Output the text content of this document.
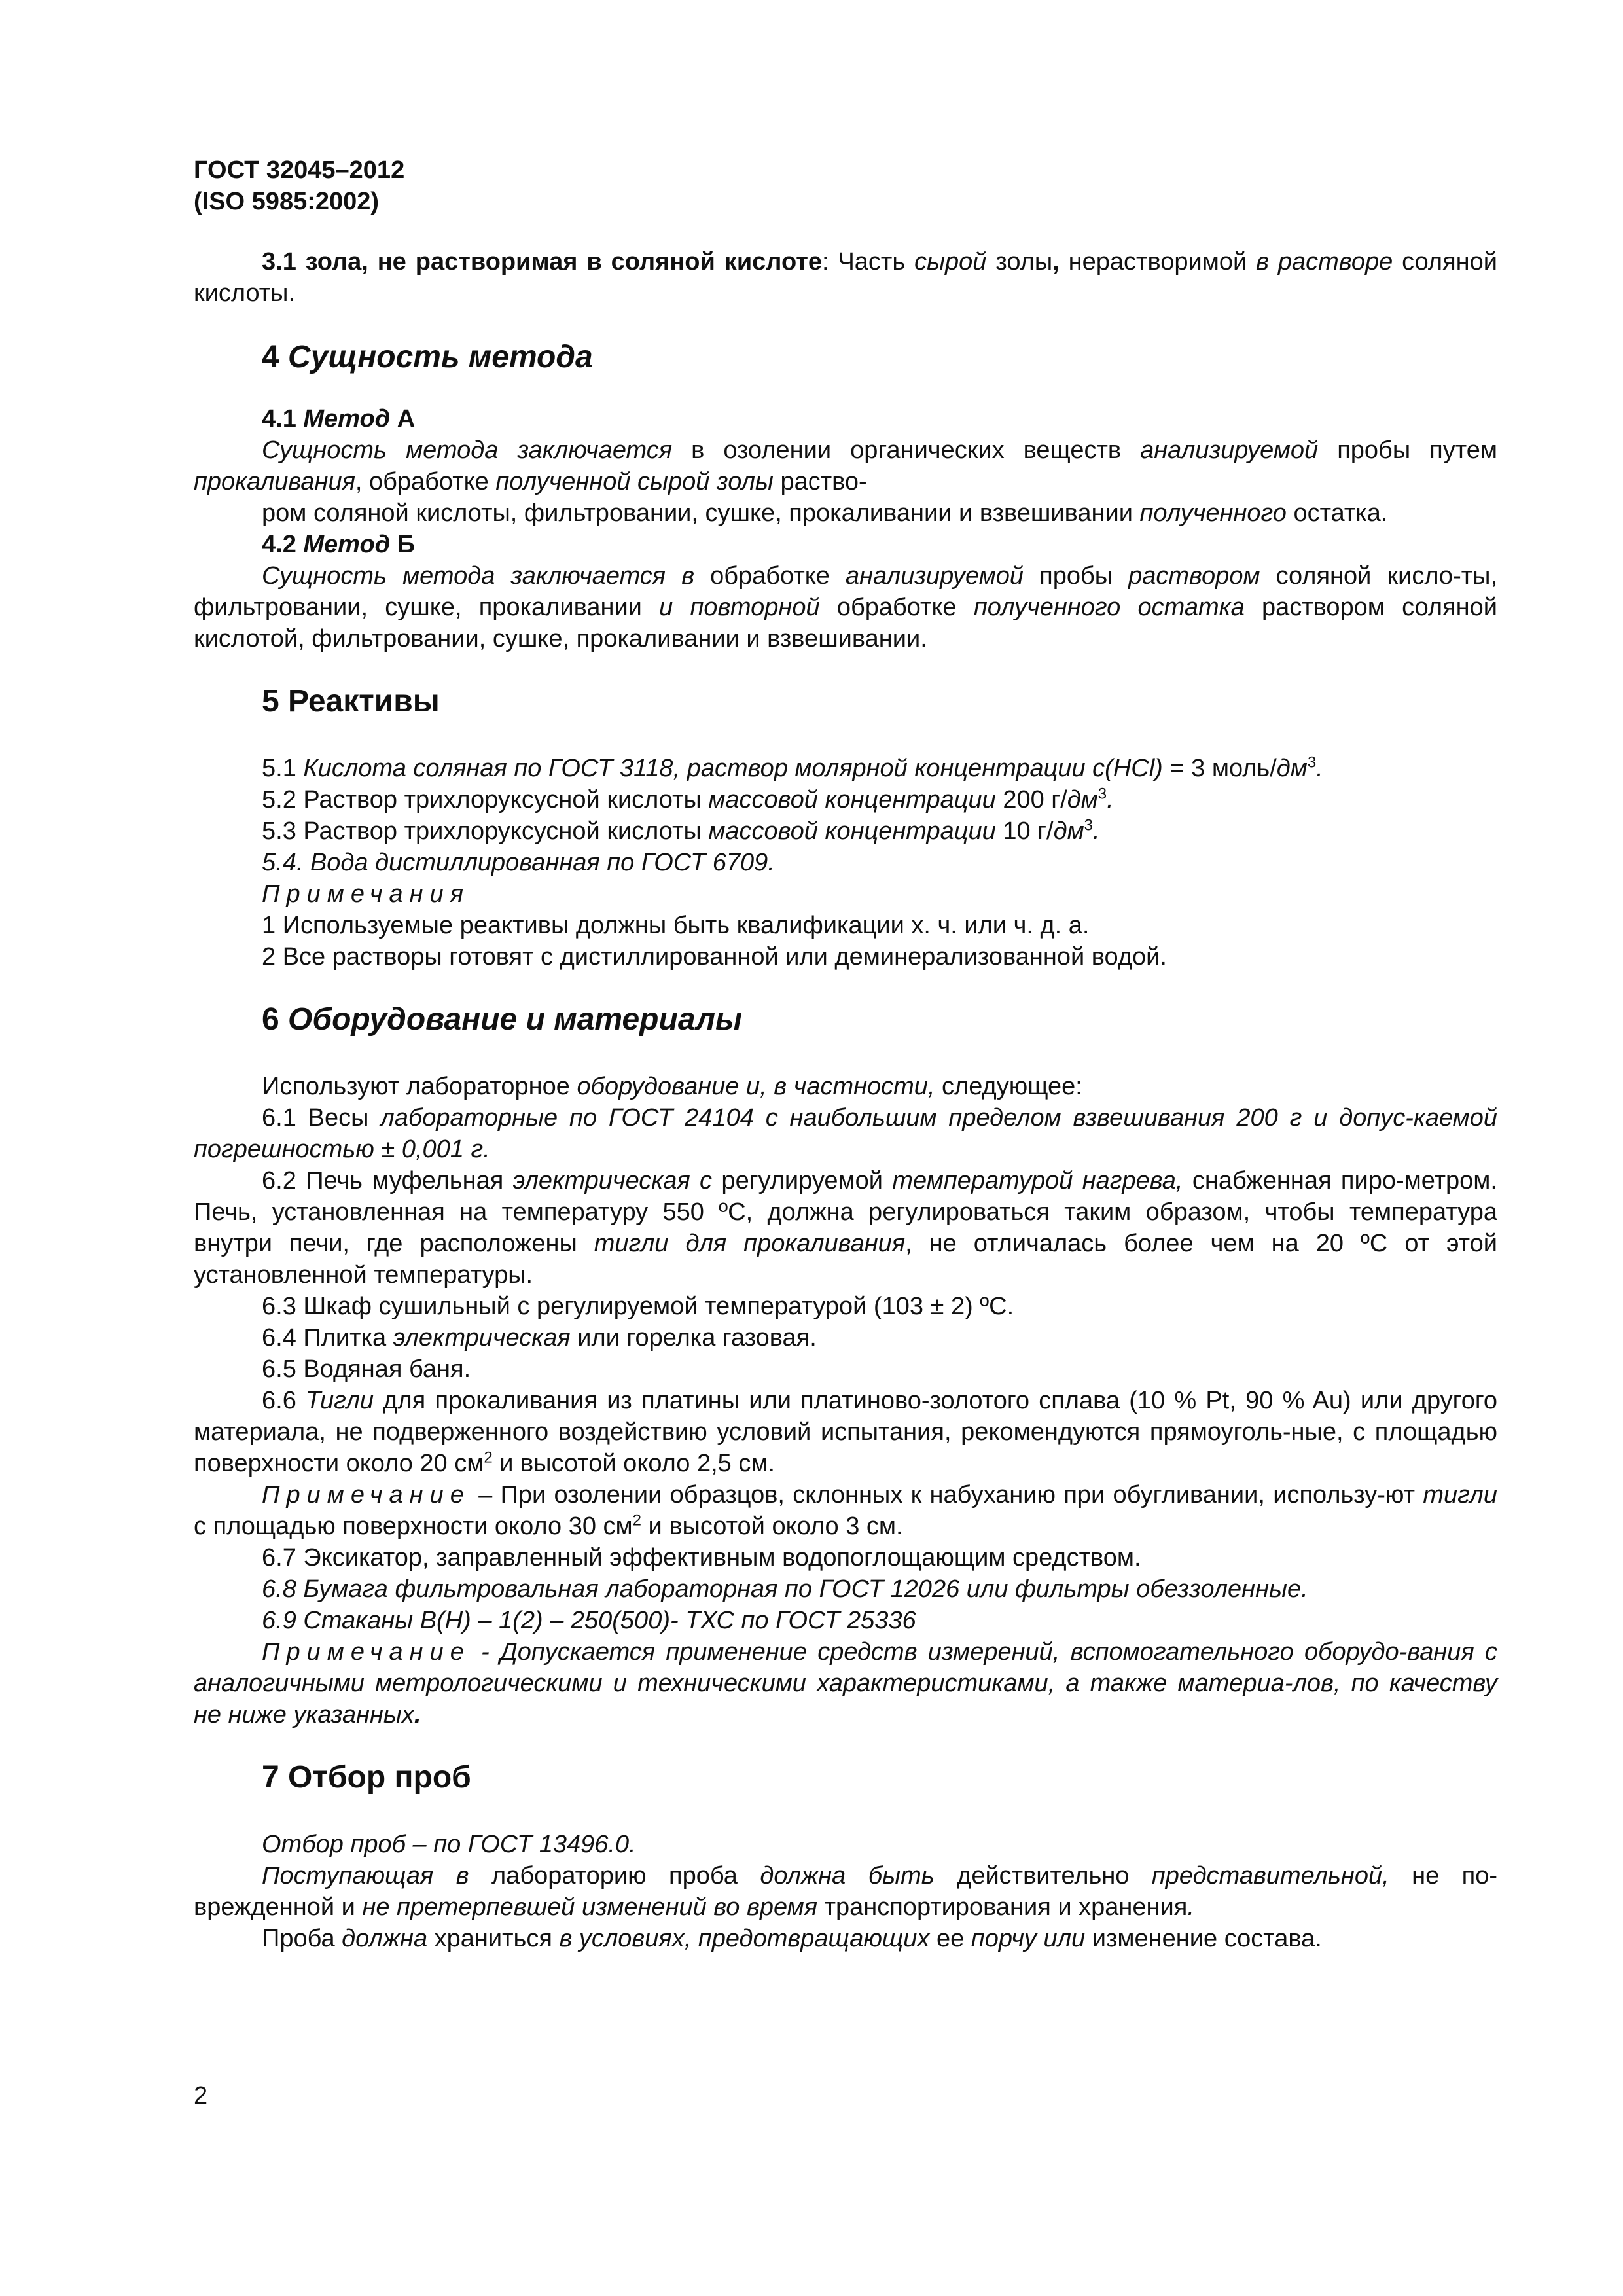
ГОСТ 32045–2012
(ISO 5985:2002)

3.1 зола, не растворимая в соляной кислоте: Часть сырой золы, нерастворимой в растворе соляной кислоты.

4 Сущность метода

4.1 Метод А

Сущность метода заключается в озолении органических веществ анализируемой пробы путем прокаливания, обработке полученной сырой золы раство-

ром соляной кислоты, фильтровании, сушке, прокаливании и взвешивании полученного остатка.

4.2 Метод Б

Сущность метода заключается в обработке анализируемой пробы раствором соляной кисло-ты, фильтровании, сушке, прокаливании и повторной обработке полученного остатка раствором соляной кислотой, фильтровании, сушке, прокаливании и взвешивании.

5 Реактивы

5.1 Кислота соляная по ГОСТ 3118, раствор молярной концентрации с(HCl) = 3 моль/$дм^3$.

5.2 Раствор трихлоруксусной кислоты массовой концентрации 200 $г/дм^3$.

5.3 Раствор трихлоруксусной кислоты массовой концентрации 10 $г/дм^3$.

5.4. Вода дистиллированная по ГОСТ 6709.

Примечания

1 Используемые реактивы должны быть квалификации х. ч. или ч. д. а.

2 Все растворы готовят с дистиллированной или деминерализованной водой.

6 Оборудование и материалы

Используют лабораторное оборудование и, в частности, следующее:

6.1 Весы лабораторные по ГОСТ 24104 с наибольшим пределом взвешивания 200 г и допус-каемой погрешностью ± 0,001 г.

6.2 Печь муфельная электрическая с регулируемой температурой нагрева, снабженная пиро-метром. Печь, установленная на температуру 550 ºС, должна регулироваться таким образом, чтобы температура внутри печи, где расположены тигли для прокаливания, не отличалась более чем на 20 ºС от этой установленной температуры.

6.3 Шкаф сушильный с регулируемой температурой (103 ± 2) ºС.

6.4 Плитка электрическая или горелка газовая.

6.5 Водяная баня.

6.6 Тигли для прокаливания из платины или платиново-золотого сплава (10 % Pt, 90 % Au) или другого материала, не подверженного воздействию условий испытания, рекомендуются прямоуголь-ные, с площадью поверхности около 20 $см^2$ и высотой около 2,5 см.

Примечание – При озолении образцов, склонных к набуханию при обугливании, использу-ют тигли с площадью поверхности около 30 $см^2$ и высотой около 3 см.

6.7 Эксикатор, заправленный эффективным водопоглощающим средством.

6.8 Бумага фильтровальная лабораторная по ГОСТ 12026 или фильтры обеззоленные.

6.9 Стаканы В(Н) – 1(2) – 250(500)- ТХС по ГОСТ 25336

Примечание - Допускается применение средств измерений, вспомогательного оборудо-вания с аналогичными метрологическими и техническими характеристиками, а также материа-лов, по качеству не ниже указанных.

7 Отбор проб

Отбор проб – по ГОСТ 13496.0.

Поступающая в лабораторию проба должна быть действительно представительной, не по-врежденной и не претерпевшей изменений во время транспортирования и хранения.

Проба должна храниться в условиях, предотвращающих ее порчу или изменение состава.

2
